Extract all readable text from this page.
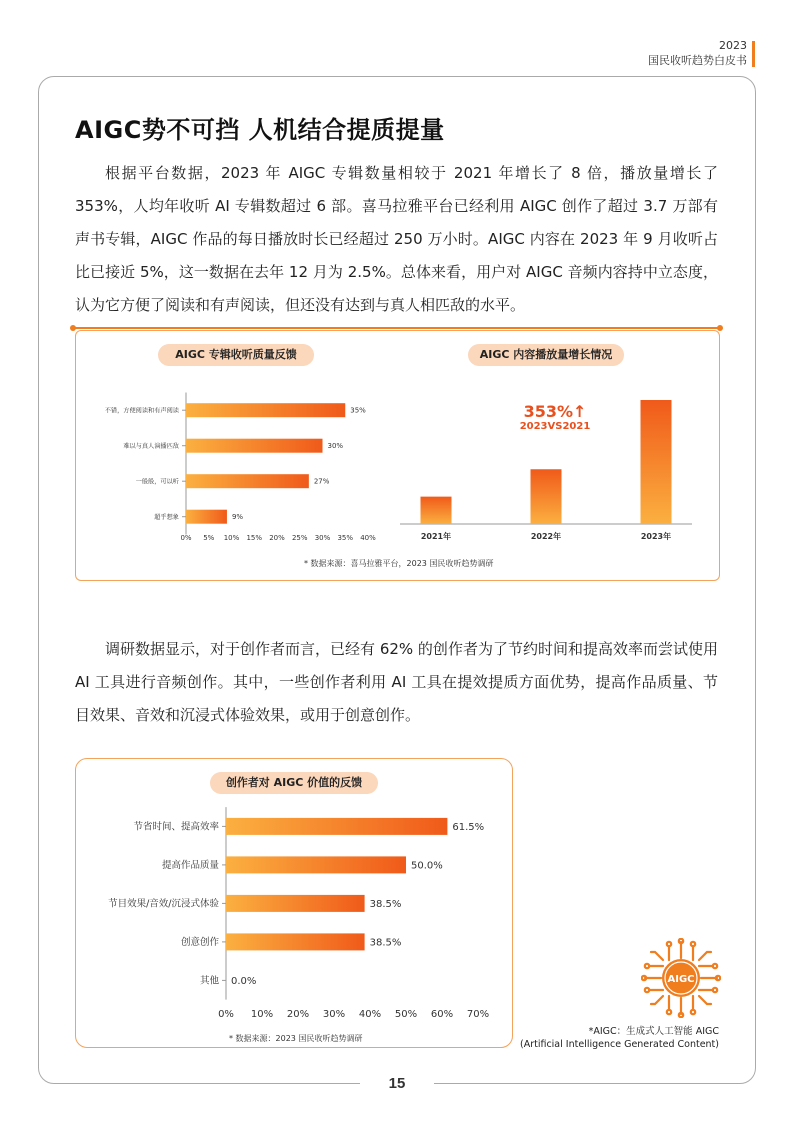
2023
国民收听趋势白皮书
15
AIGC势不可挡 人机结合提质提量
根据平台数据，2023 年 AIGC 专辑数量相较于 2021 年增长了 8 倍，播放量增长了 353%，人均年收听 AI 专辑数超过 6 部。喜马拉雅平台已经利用 AIGC 创作了超过 3.7 万部有声书专辑，AIGC 作品的每日播放时长已经超过 250 万小时。AIGC 内容在 2023 年 9 月收听占比已接近 5%，这一数据在去年 12 月为 2.5%。总体来看，用户对 AIGC 音频内容持中立态度，认为它方便了阅读和有声阅读，但还没有达到与真人相匹敌的水平。
AIGC 专辑收听质量反馈	AIGC 内容播放量增长情况
不错，方便阅读和有声阅读	35%
难以与真人演播匹敌	30%
一般般，可以听	27%
超乎想象	9%
0% 5% 10% 15% 20% 25% 30% 35% 40%	2021年	2022年	2023年
节省时间、提高效率	61.5%
提高作品质量	50.0%
节目效果/音效/沉浸式体验	38.5%
创意创作	38.5%
其他 0.0%
0% 10% 20% 30% 40% 50% 60% 70%
353%↑
2023VS2021
* 数据来源：喜马拉雅平台，2023 国民收听趋势调研
调研数据显示，对于创作者而言，已经有 62% 的创作者为了节约时间和提高效率而尝试使用 AI 工具进行音频创作。其中，一些创作者利用 AI 工具在提效提质方面优势，提高作品质量、节目效果、音效和沉浸式体验效果，或用于创意创作。
创作者对 AIGC 价值的反馈
* 数据来源：2023 国民收听趋势调研
AIGC
*AIGC：生成式人工智能 AIGC
(Artificial Intelligence Generated Content)
